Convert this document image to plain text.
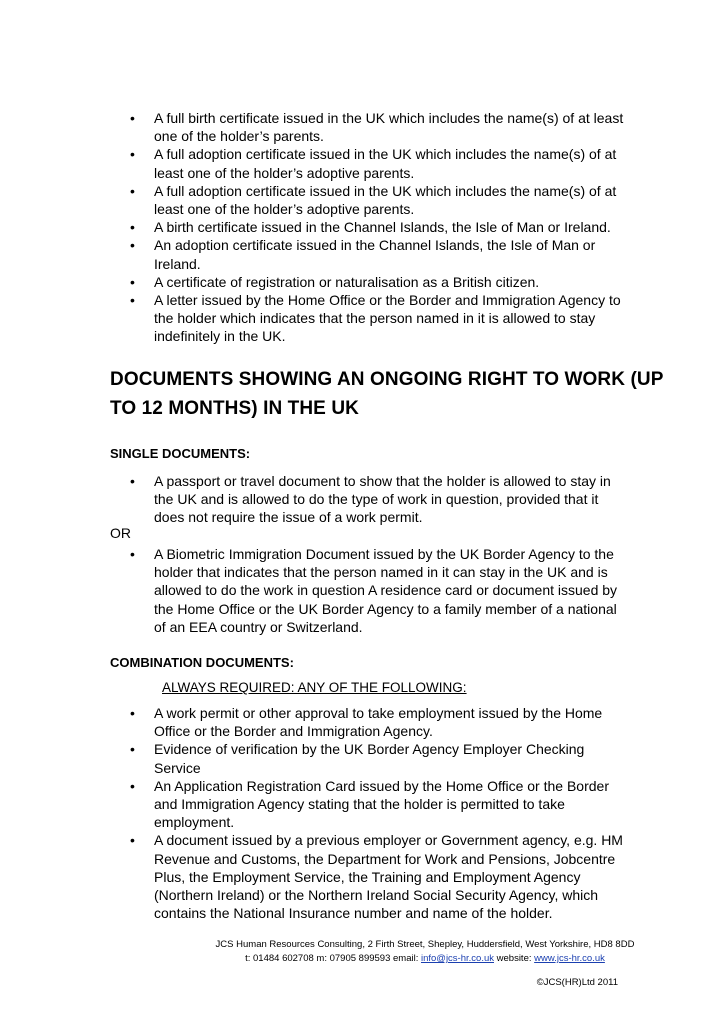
• A full birth certificate issued in the UK which includes the name(s) of at least one of the holder’s parents.
• A full adoption certificate issued in the UK which includes the name(s) of at least one of the holder’s adoptive parents.
• A full adoption certificate issued in the UK which includes the name(s) of at least one of the holder’s adoptive parents.
• A birth certificate issued in the Channel Islands, the Isle of Man or Ireland.
• An adoption certificate issued in the Channel Islands, the Isle of Man or Ireland.
• A certificate of registration or naturalisation as a British citizen.
• A letter issued by the Home Office or the Border and Immigration Agency to the holder which indicates that the person named in it is allowed to stay indefinitely in the UK.
DOCUMENTS SHOWING AN ONGOING RIGHT TO WORK (UP TO 12 MONTHS) IN THE UK
SINGLE DOCUMENTS:
• A passport or travel document to show that the holder is allowed to stay in the UK and is allowed to do the type of work in question, provided that it does not require the issue of a work permit.
OR
• A Biometric Immigration Document issued by the UK Border Agency to the holder that indicates that the person named in it can stay in the UK and is allowed to do the work in question A residence card or document issued by the Home Office or the UK Border Agency to a family member of a national of an EEA country or Switzerland.
COMBINATION DOCUMENTS:
ALWAYS REQUIRED: ANY OF THE FOLLOWING:
• A work permit or other approval to take employment issued by the Home Office or the Border and Immigration Agency.
• Evidence of verification by the UK Border Agency Employer Checking Service
• An Application Registration Card issued by the Home Office or the Border and Immigration Agency stating that the holder is permitted to take employment.
• A document issued by a previous employer or Government agency, e.g. HM Revenue and Customs, the Department for Work and Pensions, Jobcentre Plus, the Employment Service, the Training and Employment Agency (Northern Ireland) or the Northern Ireland Social Security Agency, which contains the National Insurance number and name of the holder.
JCS Human Resources Consulting, 2 Firth Street, Shepley, Huddersfield, West Yorkshire, HD8 8DD
t: 01484 602708 m: 07905 899593 email: info@jcs-hr.co.uk website: www.jcs-hr.co.uk
©JCS(HR)Ltd 2011
